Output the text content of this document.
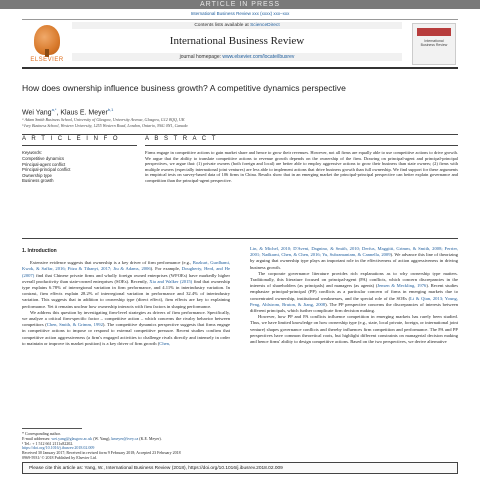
ARTICLE IN PRESS
International Business Review xxx (xxxx) xxx–xxx
ELSEVIER
Contents lists available at ScienceDirect
International Business Review
journal homepage: www.elsevier.com/locate/ibusrev
International Business Review
How does ownership influence business growth? A competitive dynamics perspective
Wei Yang$^{a,*}$, Klaus E. Meyer$^{b,1}$
ᵃ Adam Smith Business School, University of Glasgow, University Avenue, Glasgow, G12 8QQ, UK
ᵇ Ivey Business School, Western University, 1255 Western Road, London, Ontario, N6G 0N1, Canada
A R T I C L E I N F O	A B S T R A C T
Keywords:
Competitive dynamics
Principal-agent conflict
Principal-principal conflict
Ownership type
Business growth
Firms engage in competitive actions to gain market share and hence to grow their revenues. However, not all firms are equally able to use competitive actions to drive growth. We argue that the ability to translate competitive actions to revenue growth depends on the ownership of the firm. Drawing on principal-agent and principal-principal perspectives, we argue that: (1) private owners (both foreign and local) are better able to employ aggressive actions to grow their business than state owners; (2) firms with multiple owners (especially international joint ventures) are less able to implement actions that drive business growth than full ownership. We find support for these arguments in empirical tests on survey-based data of 106 firms in China. Results show that in an emerging market the principal-principal perspective can better explain governance and competition than the principal-agent perspective.
1. Introduction

Extensive evidence suggests that ownership is a key driver of firm performance (e.g., Bozkurt, Gurdhami, Kwok, & Saffar, 2016; Fitza & Tihanyi, 2017; Jiu & Adams, 2006). For example, Dougherty, Herd, and He (2007) find that Chinese private firms and wholly foreign owned enterprises (WFOEs) have markedly higher overall productivity than state-owned enterprises (SOEs). Recently, Xia and Walker (2015) find that ownership type explains 6.78% of interregional variation in firm performance, and 4.11% in interindustry variation. In contrast, firm effects explain 28.2% of interregional variation in performance and 32.4% of interindustry variation. This suggests that in addition to ownership type (direct effect), firm effects are key to explaining performance. Yet it remains unclear how ownership interacts with firm factors in shaping performance.

We address this question by investigating firm-level strategies as drivers of firm performance. Specifically, we analyze a critical firm-specific factor – competitive action – which concerns the rivalry behavior between competitors (Chen, Smith, & Grimm, 1992). The competitive dynamics perspective suggests that firms engage in competitive actions to impose or respond to external competitive pressure. Recent studies confirm that competitive action aggressiveness (a firm's engaged activities to challenge rivals directly and intensely in order to maintain or improve its market position) is a key driver of firm growth (Chen,

Lin, & Michel, 2010; D'Aveni, Dagnino, & Smith, 2010; Derfus, Maggitti, Grimm, & Smith, 2008; Ferrier, 2001; Nadkarni, Chen, & Chen, 2016; Yu, Subramaniam, & Cannella, 2009). We advance this line of theorizing by arguing that ownership type plays an important role in the effectiveness of action aggressiveness in driving business growth.

The corporate governance literature provides rich explanations as to why ownership type matters. Traditionally, this literature focused on principal-agent (PA) conflicts, which concern discrepancies in the interests of shareholders (as principals) and managers (as agents) (Jensen & Meckling, 1976). Recent studies emphasize principal-principal (PP) conflicts as a particular concern of firms in emerging markets due to concentrated ownership, institutional weaknesses, and the special role of the SOEs (Li & Qian, 2013; Young, Peng, Ahlstrom, Bruton, & Jiang, 2008). The PP perspective concerns the discrepancies of interests between different principals, which further complicate firm decision making.

However, how PP and PA conflicts influence competition in emerging markets has rarely been studied. Thus, we have limited knowledge on how ownership type (e.g., state, local private, foreign, or international joint venture) shapes governance conflicts and thereby influences firm competition and performance. The PA and PP perspectives have common theoretical roots, but highlight different constraints on managerial decision making and hence firms' ability to design competitive actions. Based on the two perspectives, we derive alternative

* Corresponding author.
E-mail addresses: wei.yang@glasgow.ac.uk (W. Yang), kmeyer@ivey.ca (K.E. Meyer).
¹ Tel.: + 1 512 661 2111x82202.
https://doi.org/10.1016/j.ibusrev.2018.02.009
Received 30 January 2017; Received in revised form 9 February 2018; Accepted 23 February 2018
0969-5931/ © 2018 Published by Elsevier Ltd.
Please cite this article as: Yang, W., International Business Review (2018), https://doi.org/10.1016/j.ibusrev.2018.02.009
